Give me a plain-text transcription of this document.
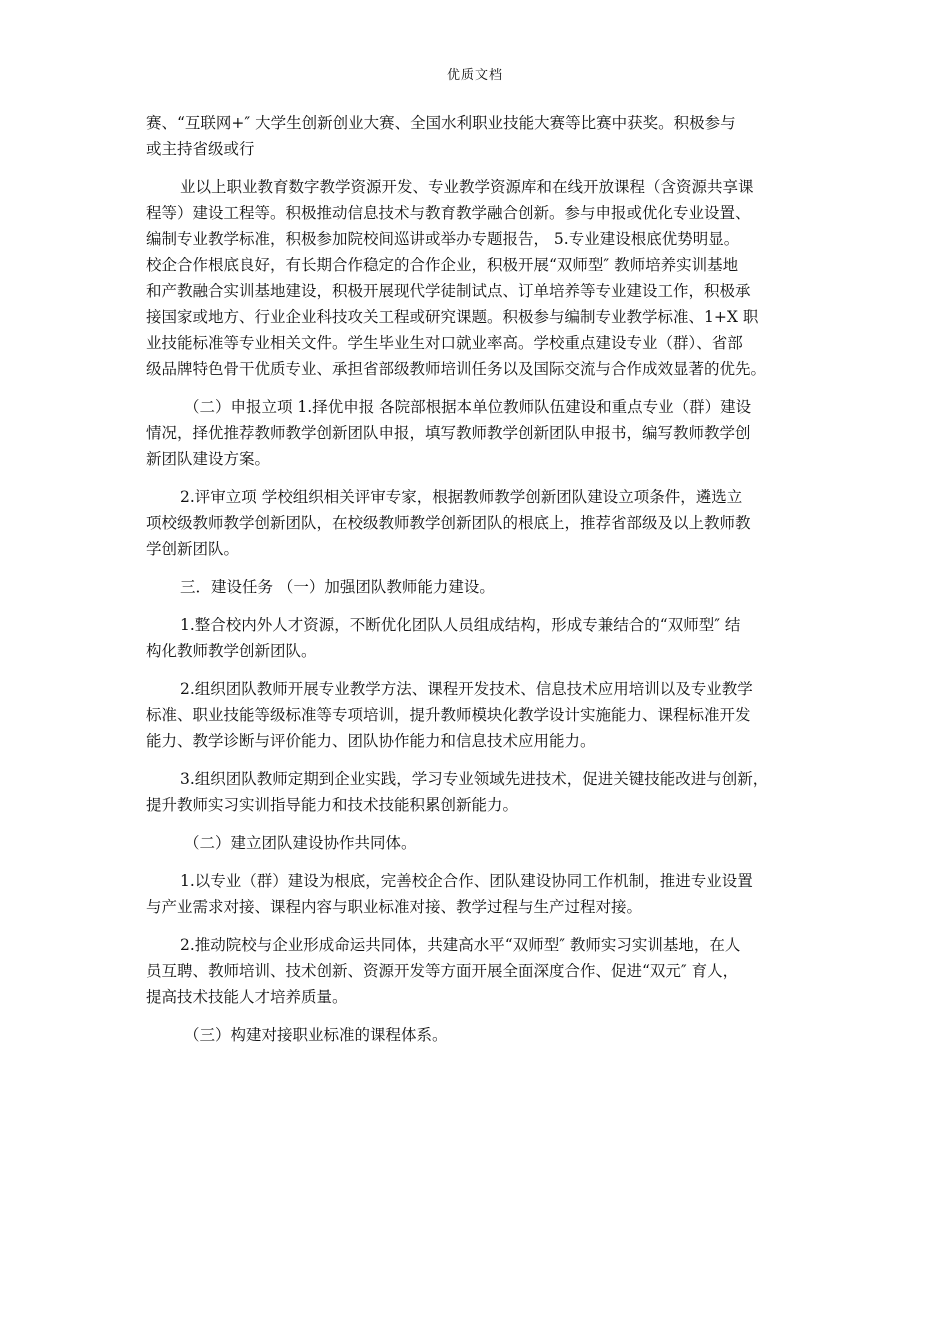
优质文档

赛、“互联网+″ 大学生创新创业大赛、全国水利职业技能大赛等比赛中获奖。积极参与

或主持省级或行

业以上职业教育数字教学资源开发、专业教学资源库和在线开放课程（含资源共享课

程等）建设工程等。积极推动信息技术与教育教学融合创新。参与申报或优化专业设置、

编制专业教学标准，积极参加院校间巡讲或举办专题报告， 5.专业建设根底优势明显。

校企合作根底良好，有长期合作稳定的合作企业，积极开展“双师型″ 教师培养实训基地

和产教融合实训基地建设，积极开展现代学徒制试点、订单培养等专业建设工作，积极承

接国家或地方、行业企业科技攻关工程或研究课题。积极参与编制专业教学标准、1+X 职

业技能标准等专业相关文件。学生毕业生对口就业率高。学校重点建设专业（群）、省部

级品牌特色骨干优质专业、承担省部级教师培训任务以及国际交流与合作成效显著的优先。

（二）申报立项 1.择优申报 各院部根据本单位教师队伍建设和重点专业（群）建设

情况，择优推荐教师教学创新团队申报，填写教师教学创新团队申报书，编写教师教学创

新团队建设方案。

2.评审立项 学校组织相关评审专家，根据教师教学创新团队建设立项条件，遴选立

项校级教师教学创新团队，在校级教师教学创新团队的根底上，推荐省部级及以上教师教

学创新团队。

三．建设任务 （一）加强团队教师能力建设。

1.整合校内外人才资源，不断优化团队人员组成结构，形成专兼结合的“双师型″ 结

构化教师教学创新团队。

2.组织团队教师开展专业教学方法、课程开发技术、信息技术应用培训以及专业教学

标准、职业技能等级标准等专项培训，提升教师模块化教学设计实施能力、课程标准开发

能力、教学诊断与评价能力、团队协作能力和信息技术应用能力。

3.组织团队教师定期到企业实践，学习专业领域先进技术，促进关键技能改进与创新，

提升教师实习实训指导能力和技术技能积累创新能力。

（二）建立团队建设协作共同体。

1.以专业（群）建设为根底，完善校企合作、团队建设协同工作机制，推进专业设置

与产业需求对接、课程内容与职业标准对接、教学过程与生产过程对接。

2.推动院校与企业形成命运共同体，共建高水平“双师型″ 教师实习实训基地，在人

员互聘、教师培训、技术创新、资源开发等方面开展全面深度合作、促进“双元″ 育人，

提高技术技能人才培养质量。

（三）构建对接职业标准的课程体系。
